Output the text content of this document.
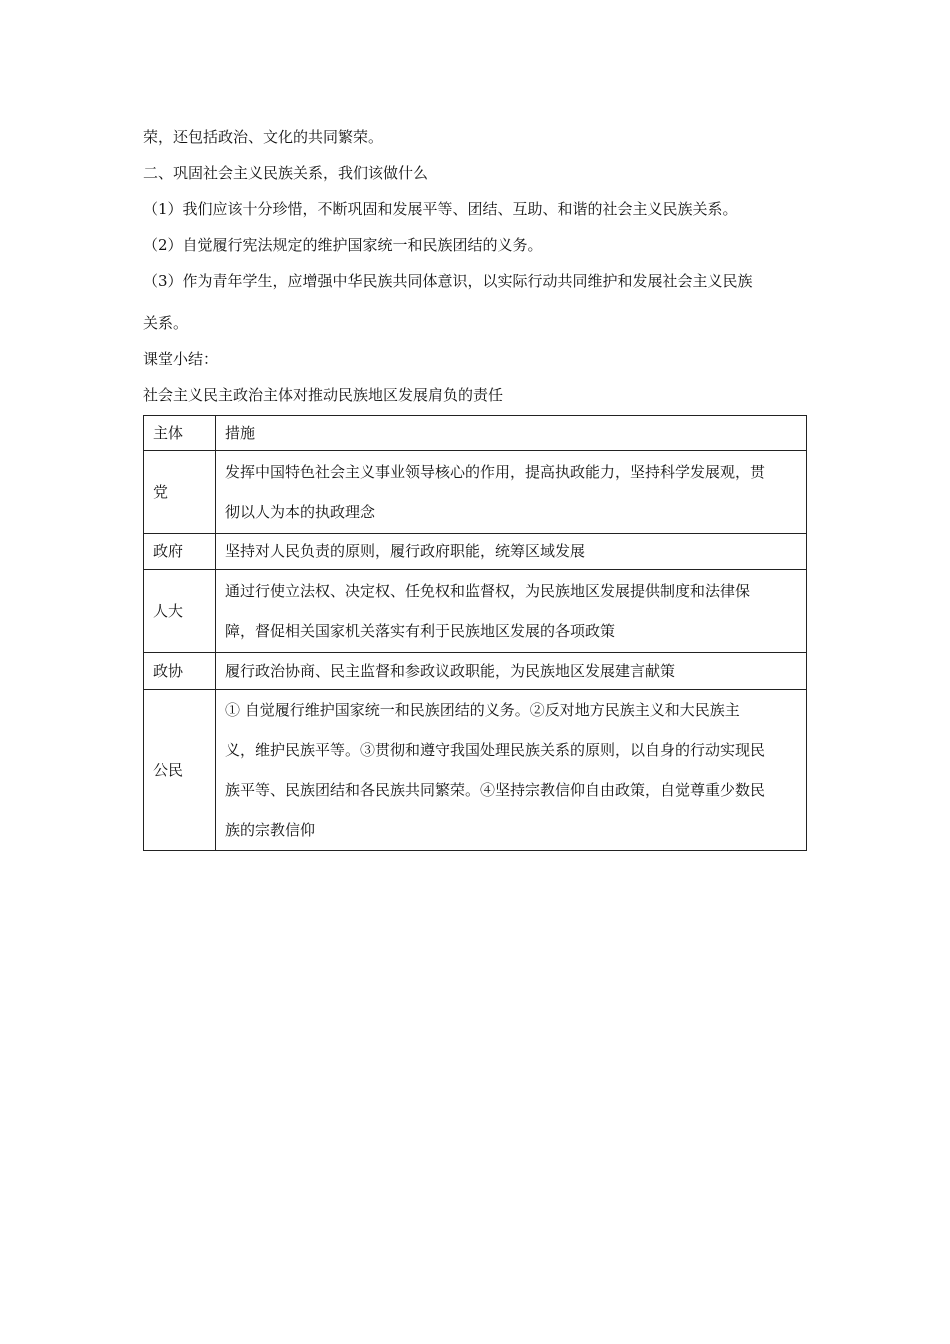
荣，还包括政治、文化的共同繁荣。
二、巩固社会主义民族关系，我们该做什么
（1）我们应该十分珍惜，不断巩固和发展平等、团结、互助、和谐的社会主义民族关系。
（2）自觉履行宪法规定的维护国家统一和民族团结的义务。
（3）作为青年学生，应增强中华民族共同体意识，以实际行动共同维护和发展社会主义民族
关系。
课堂小结：
社会主义民主政治主体对推动民族地区发展肩负的责任
主体	措施
党	发挥中国特色社会主义事业领导核心的作用，提高执政能力，坚持科学发展观，贯
彻以人为本的执政理念

政府	坚持对人民负责的原则，履行政府职能，统筹区域发展

人大	通过行使立法权、决定权、任免权和监督权，为民族地区发展提供制度和法律保
障，督促相关国家机关落实有利于民族地区发展的各项政策

政协	履行政治协商、民主监督和参政议政职能，为民族地区发展建言献策

公民	① 自觉履行维护国家统一和民族团结的义务。②反对地方民族主义和大民族主
义，维护民族平等。③贯彻和遵守我国处理民族关系的原则，以自身的行动实现民
族平等、民族团结和各民族共同繁荣。④坚持宗教信仰自由政策，自觉尊重少数民
族的宗教信仰
